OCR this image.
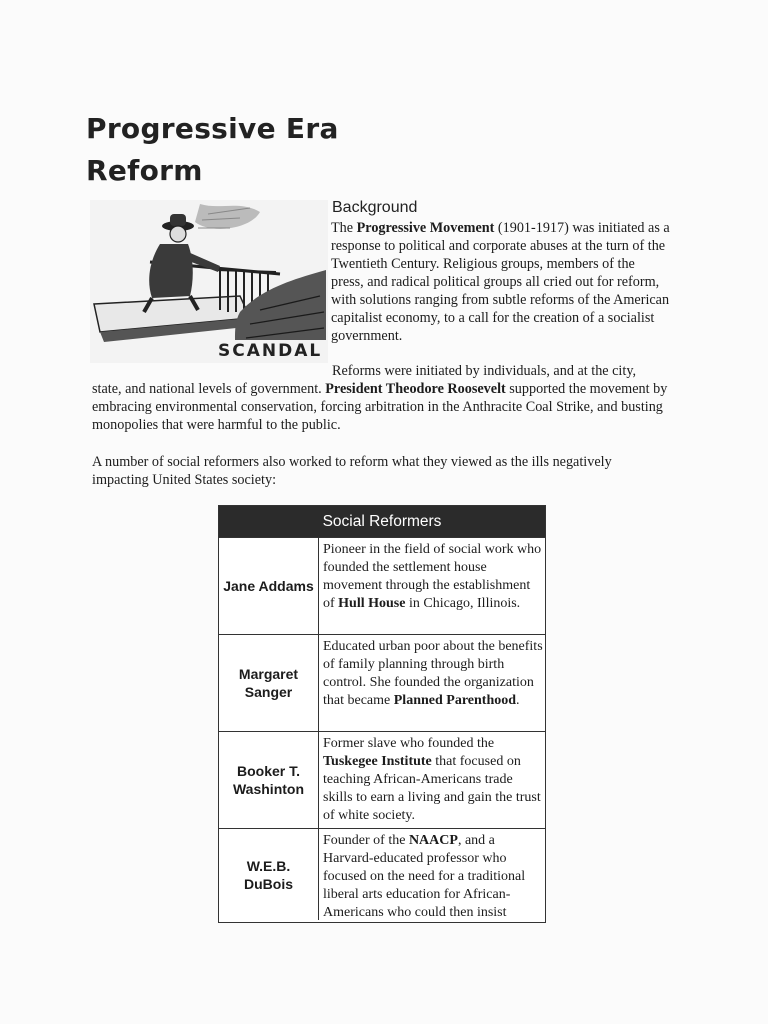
Progressive Era
Reform
SCANDAL
Background

The Progressive Movement (1901-1917) was initiated as a response to political and corporate abuses at the turn of the Twentieth Century. Religious groups, members of the press, and radical political groups all cried out for reform, with solutions ranging from subtle reforms of the American capitalist economy, to a call for the creation of a socialist government.

Reforms were initiated by individuals, and at the city,
state, and national levels of government. President Theodore Roosevelt supported the movement by embracing environmental conservation, forcing arbitration in the Anthracite Coal Strike, and busting monopolies that were harmful to the public.

A number of social reformers also worked to reform what they viewed as the ills negatively impacting United States society:

Social Reformers
Jane Addams
Pioneer in the field of social work who founded the settlement house movement through the establishment of Hull House in Chicago, Illinois.
Margaret Sanger
Educated urban poor about the benefits of family planning through birth control. She founded the organization that became Planned Parenthood.
Booker T. Washinton
Former slave who founded the Tuskegee Institute that focused on teaching African-Americans trade skills to earn a living and gain the trust of white society.
W.E.B. DuBois
Founder of the NAACP, and a Harvard-educated professor who focused on the need for a traditional liberal arts education for African-Americans who could then insist
